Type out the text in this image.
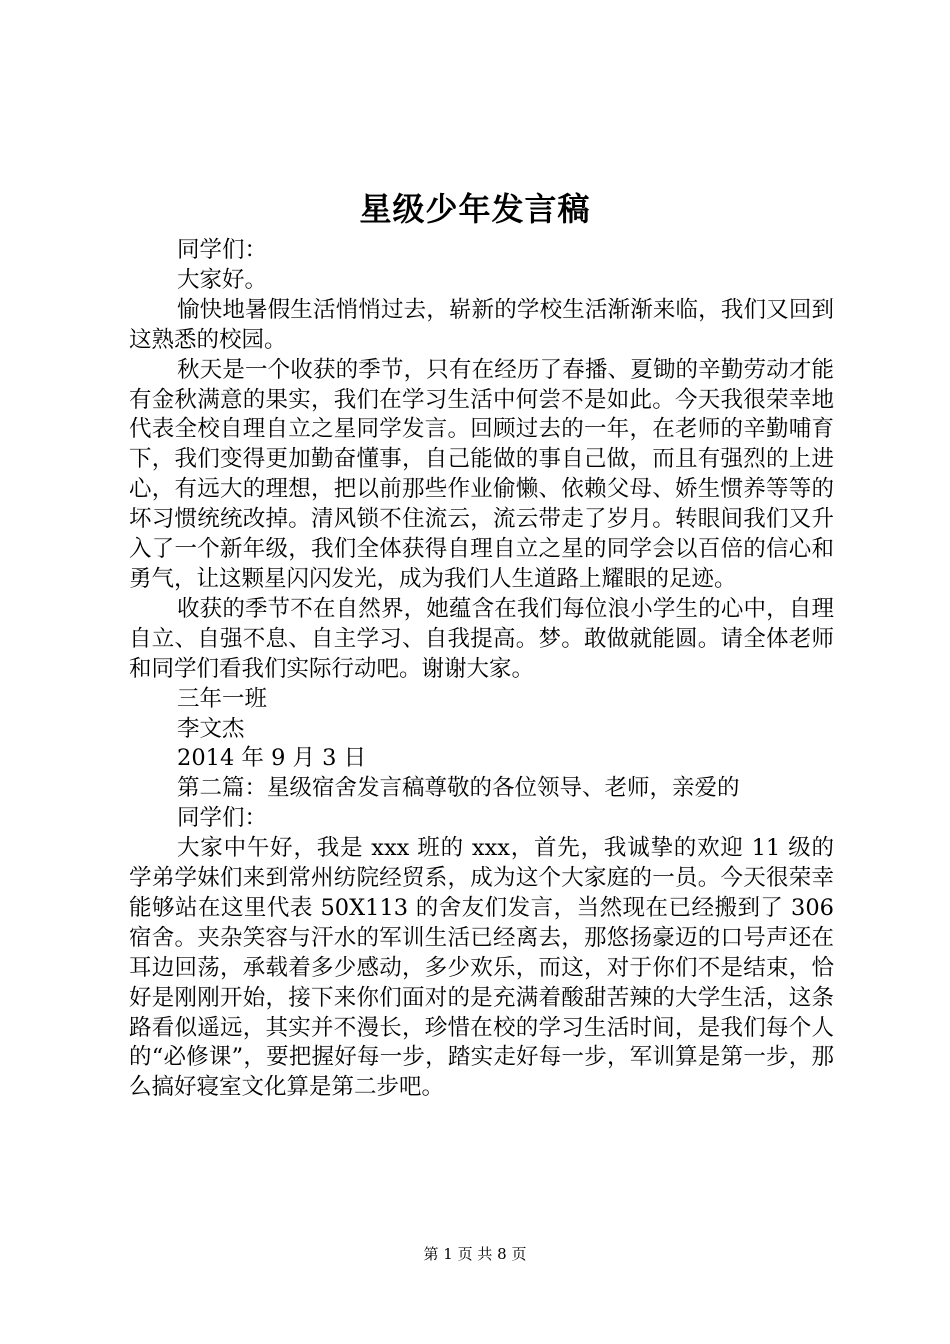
星级少年发言稿

同学们：

大家好。

愉快地暑假生活悄悄过去，崭新的学校生活渐渐来临，我们又回到这熟悉的校园。

秋天是一个收获的季节，只有在经历了春播、夏锄的辛勤劳动才能有金秋满意的果实，我们在学习生活中何尝不是如此。今天我很荣幸地代表全校自理自立之星同学发言。回顾过去的一年，在老师的辛勤哺育下，我们变得更加勤奋懂事，自己能做的事自己做，而且有强烈的上进心，有远大的理想，把以前那些作业偷懒、依赖父母、娇生惯养等等的坏习惯统统改掉。清风锁不住流云，流云带走了岁月。转眼间我们又升入了一个新年级，我们全体获得自理自立之星的同学会以百倍的信心和勇气，让这颗星闪闪发光，成为我们人生道路上耀眼的足迹。

收获的季节不在自然界，她蕴含在我们每位浪小学生的心中，自理自立、自强不息、自主学习、自我提高。梦。敢做就能圆。请全体老师和同学们看我们实际行动吧。谢谢大家。

三年一班

李文杰

2014 年 9 月 3 日

第二篇：星级宿舍发言稿尊敬的各位领导、老师，亲爱的

同学们：

大家中午好，我是 xxx 班的 xxx，首先，我诚挚的欢迎 11 级的学弟学妹们来到常州纺院经贸系，成为这个大家庭的一员。今天很荣幸能够站在这里代表 50X113 的舍友们发言，当然现在已经搬到了 306 宿舍。夹杂笑容与汗水的军训生活已经离去，那悠扬豪迈的口号声还在耳边回荡，承载着多少感动，多少欢乐，而这，对于你们不是结束，恰好是刚刚开始，接下来你们面对的是充满着酸甜苦辣的大学生活，这条路看似遥远，其实并不漫长，珍惜在校的学习生活时间，是我们每个人的“必修课”，要把握好每一步，踏实走好每一步，军训算是第一步，那么搞好寝室文化算是第二步吧。

第 1 页 共 8 页
